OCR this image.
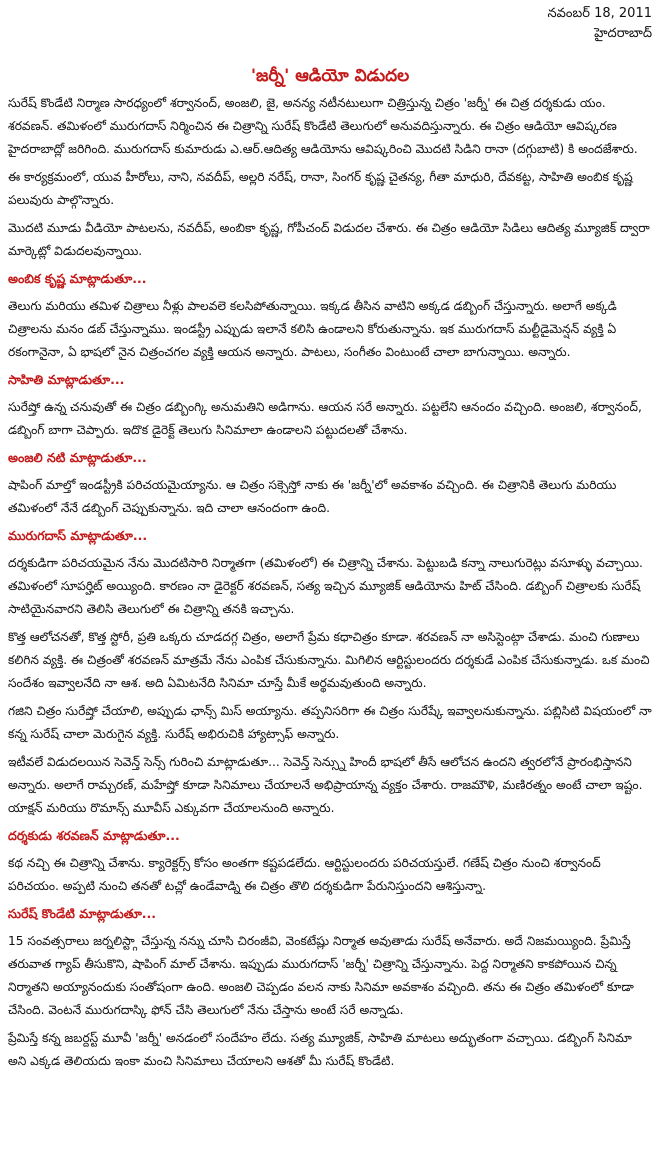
నవంబర్ 18, 2011
హైదరాబాద్
'జర్నీ' ఆడియో విడుదల

సురేష్ కొండేటి నిర్మాణ సారధ్యంలో శర్వానంద్, అంజలి, జై, అనన్య నటీనటులుగా చిత్రిస్తున్న చిత్రం 'జర్నీ' ఈ చిత్ర దర్శకుడు యం. శరవణన్. తమిళంలో మురుగదాస్ నిర్మించిన ఈ చిత్రాన్ని సురేష్ కొండేటి తెలుగులో అనువదిస్తున్నారు. ఈ చిత్రం ఆడియో ఆవిష్కరణ హైదరాబాద్లో జరిగింది. మురుగదాస్ కుమారుడు ఎ.ఆర్.ఆదిత్య ఆడియోను ఆవిష్కరించి మొదటి సిడిని రానా (దగ్గుబాటి) కి అందజేశారు.

ఈ కార్యక్రమంలో, యువ హీరోలు, నాని, నవదీప్, అల్లరి నరేష్, రానా, సింగర్ కృష్ణ చైతన్య, గీతా మాధురి, దేవకట్ట, సాహితి అంబిక కృష్ణ పలువురు పాల్గొన్నారు.

మొదటి మూడు వీడియో పాటలను, నవదీప్, అంబికా కృష్ణ, గోపీచంద్ విడుదల చేశారు. ఈ చిత్రం ఆడియో సిడిలు ఆదిత్య మ్యూజిక్ ద్వారా మార్కెట్లో విడుదలవున్నాయి.

అంబిక కృష్ణ మాట్లాడుతూ...

తెలుగు మరియు తమిళ చిత్రాలు నీళ్లు పాలవలె కలసిపోతున్నాయి. ఇక్కడ తీసిన వాటిని అక్కడ డబ్బింగ్ చేస్తున్నారు. అలాగే అక్కడి చిత్రాలను మనం డబ్ చేస్తున్నాము. ఇండస్ట్రీ ఎప్పుడు ఇలానే కలిసి ఉండాలని కోరుతున్నాను. ఇక మురుగదాస్ మల్టీడైమెన్షన్ వ్యక్తి ఏ రకంగానైనా, ఏ భాషలో నైన చిత్రంచగల వ్యక్తి ఆయన అన్నారు. పాటలు, సంగీతం వింటుంటే చాలా బాగున్నాయి. అన్నారు.

సాహితి మాట్లాడుతూ...

సురేష్తో ఉన్న చనువుతో ఈ చిత్రం డబ్బింగ్కి అనుమతిని అడిగాను. ఆయన సరే అన్నారు. పట్టలేని ఆనందం వచ్చింది. అంజలి, శర్వానంద్, డబ్బింగ్ బాగా చెప్పారు. ఇదొక డైరెక్ట్ తెలుగు సినిమాలా ఉండాలని పట్టుదలతో చేశాను.

అంజలి నటి మాట్లాడుతూ...

షాపింగ్ మాల్తో ఇండస్ట్రీకి పరిచయమైయ్యాను. ఆ చిత్రం సక్సెస్తో నాకు ఈ 'జర్నీ'లో అవకాశం వచ్చింది. ఈ చిత్రానికి తెలుగు మరియు తమిళంలో నేనే డబ్బింగ్ చెప్పుకున్నాను. ఇది చాలా ఆనందంగా ఉంది.

మురుగదాస్ మాట్లాడుతూ...

దర్శకుడిగా పరిచయమైన నేను మొదటిసారి నిర్మాతగా (తమిళంలో) ఈ చిత్రాన్ని చేశాను. పెట్టుబడి కన్నా నాలుగురెట్లు వసూళ్ళు వచ్చాయి. తమిళంలో సూపర్హిట్ అయ్యింది. కారణం నా డైరెక్టర్ శరవణన్, సత్య ఇచ్చిన మ్యూజిక్ ఆడియోను హిట్ చేసింది. డబ్బింగ్ చిత్రాలకు సురేష్ సాటియైనవారని తెలిసి తెలుగులో ఈ చిత్రాన్ని తనకి ఇచ్చాను.

కొత్త ఆలోచనతో, కొత్త స్టోరీ, ప్రతి ఒక్కరు చూడదగ్గ చిత్రం, అలాగే ప్రేమ కధాచిత్రం కూడా. శరవణన్ నా అసిస్టెంట్గా చేశాడు. మంచి గుణాలు కలిగిన వ్యక్తి. ఈ చిత్రంతో శరవణన్ మాత్రమే నేను ఎంపిక చేసుకున్నాను. మిగిలిన ఆర్టిస్టులందరు దర్శకుడే ఎంపిక చేసుకున్నాడు. ఒక మంచి సందేశం ఇవ్వాలనేది నా ఆశ. అది ఏమిటనేది సినిమా చూస్తే మీకే అర్థమవుతుంది అన్నారు.

గజిని చిత్రం సురేష్తో చేయాలి, అప్పుడు ఛాన్స్ మిస్ అయ్యాను. తప్పనిసరిగా ఈ చిత్రం సురేష్కే ఇవ్వాలనుకున్నాను. పబ్లిసిటి విషయంలో నా కన్న సురేష్ చాలా మెరుగైన వ్యక్తి. సురేష్ అభిరుచికి హ్యాట్సాఫ్ అన్నారు.

ఇటీవలే విడుదలయిన సెవెన్త్ సెన్స్ గురించి మాట్లాడుతూ... సెవెన్త్ సెన్స్ను హిందీ భాషలో తీసే ఆలోచన ఉందని త్వరలోనే ప్రారంభిస్తానని అన్నారు. అలాగే రామ్చరణ్, మహేష్తో కూడా సినిమాలు చేయాలనే అభిప్రాయాన్న వ్యక్తం చేశారు. రాజమౌళి, మణిరత్నం అంటే చాలా ఇష్టం. యాక్షన్ మరియు రొమాన్స్ మూవీస్ ఎక్కువగా చేయాలనుంది అన్నారు.

దర్శకుడు శరవణన్ మాట్లాడుతూ...

కథ నచ్చి ఈ చిత్రాన్ని చేశాను. క్యారెక్టర్స్ కోసం అంతగా కష్టపడలేదు. ఆర్టిస్టులందరు పరిచయస్తులే. గణేష్ చిత్రం నుంచి శర్వానంద్ పరిచయం. అప్పటి నుంచి తనతో టచ్లో ఉండేవాడ్ని ఈ చిత్రం తొలి దర్శకుడిగా పేరునిస్తుందని ఆశిస్తున్నా.

సురేష్ కొండేటి మాట్లాడుతూ...

15 సంవత్సరాలు జర్నలిస్ట్గా చేస్తున్న నన్ను చూసి చిరంజీవి, వెంకటేష్లు నిర్మాత అవుతాడు సురేష్ అనేవారు. అదే నిజమయ్యింది. ప్రేమిస్తే తరువాత గ్యాప్ తీసుకొని, షాపింగ్ మాల్ చేశాను. ఇప్పుడు మురుగదాస్ 'జర్నీ' చిత్రాన్ని చేస్తున్నాను. పెద్ద నిర్మాతని కాకపోయిన చిన్న నిర్మాతని అయ్యానందుకు సంతోషంగా ఉంది. అంజలి చెప్పడం వలన నాకు సినిమా అవకాశం వచ్చింది. తను ఈ చిత్రం తమిళంలో కూడా చేసింది. వెంటనే మురుగదాస్కి ఫోన్ చేసి తెలుగులో నేను చేస్తాను అంటే సరే అన్నాడు.

ప్రేమిస్తే కన్న జబర్దస్ట్ మూవీ 'జర్నీ' అనడంలో సందేహం లేదు. సత్య మ్యూజిక్, సాహితి మాటలు అద్భుతంగా వచ్చాయి. డబ్బింగ్ సినిమా అని ఎక్కడ తెలియదు ఇంకా మంచి సినిమాలు చేయాలని ఆశతో మీ సురేష్ కొండేటి.
